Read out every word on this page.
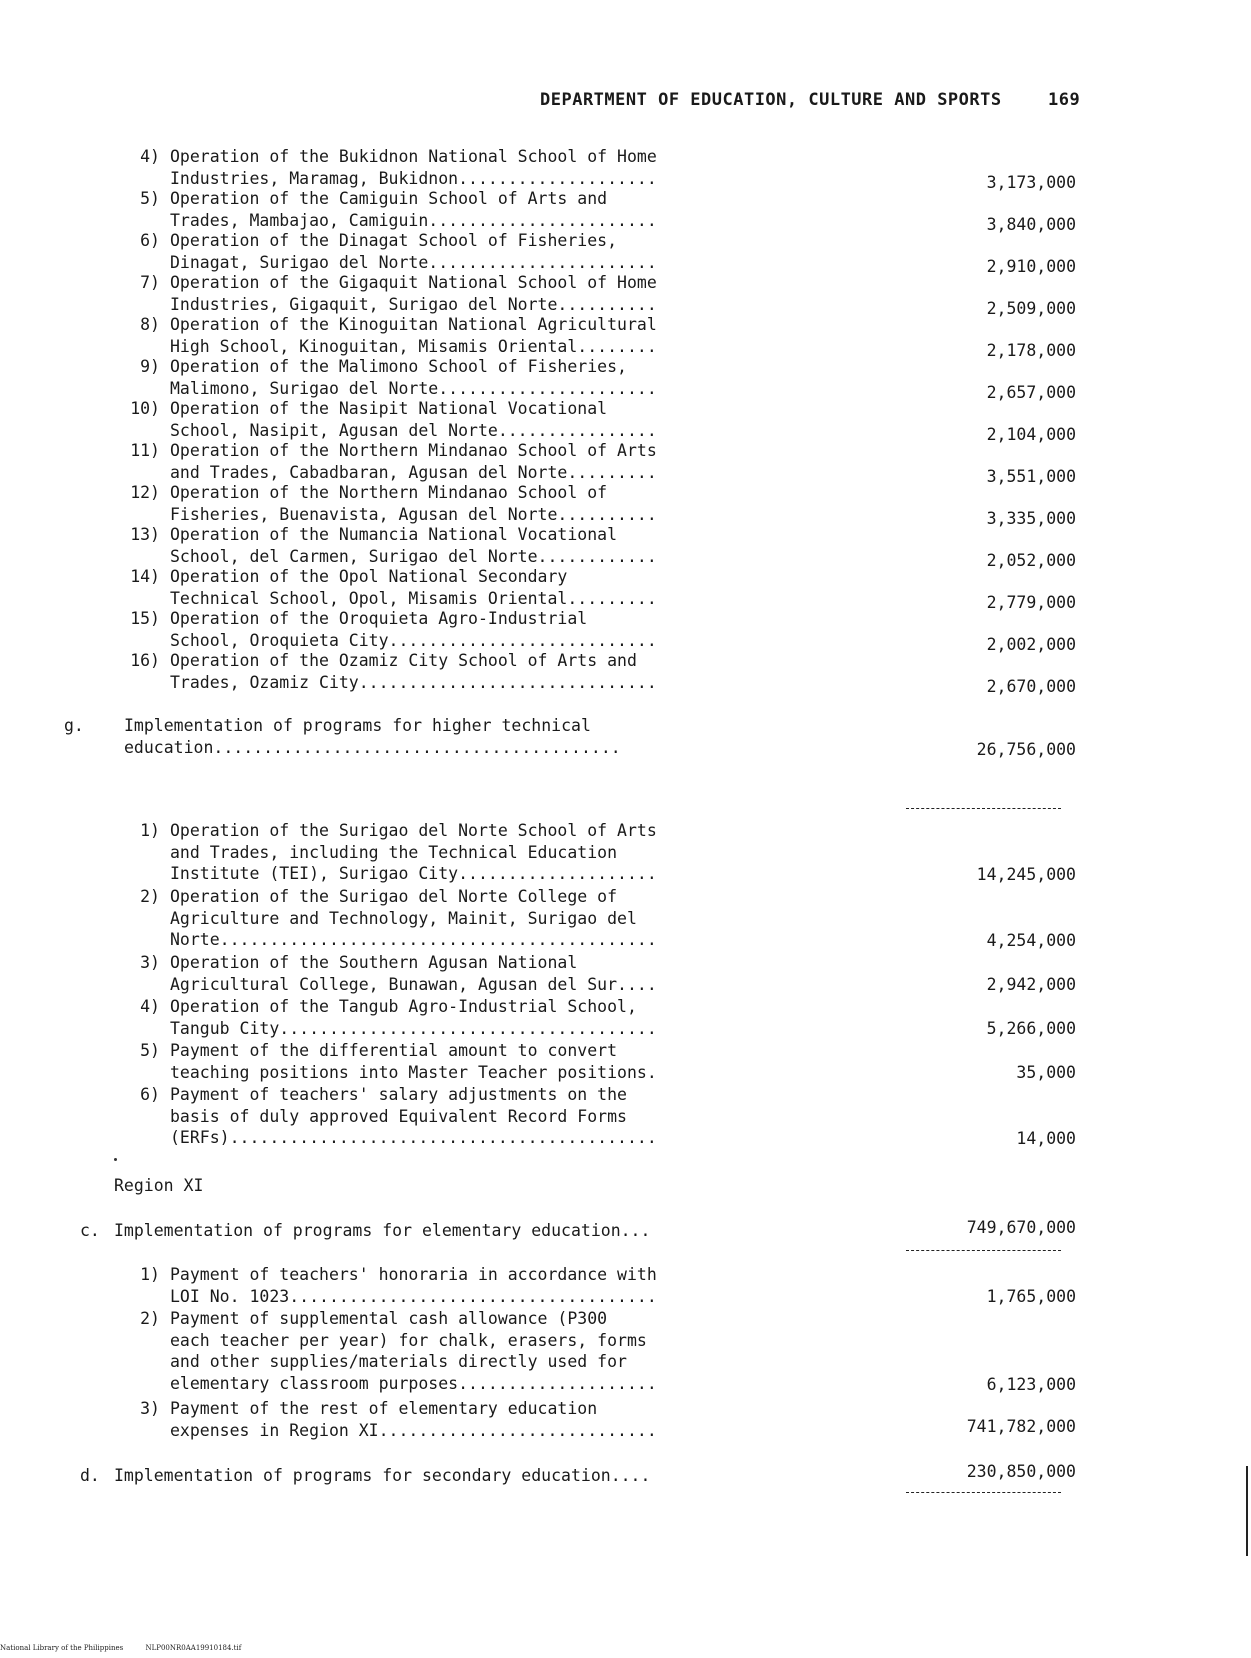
DEPARTMENT OF EDUCATION, CULTURE AND SPORTS	169
4) Operation of the Bukidnon National School of Home
Industries, Maramag, Bukidnon....................	3,173,000
5) Operation of the Camiguin School of Arts and
Trades, Mambajao, Camiguin.......................	3,840,000
6) Operation of the Dinagat School of Fisheries,
Dinagat, Surigao del Norte.......................	2,910,000
7) Operation of the Gigaquit National School of Home
Industries, Gigaquit, Surigao del Norte..........	2,509,000
8) Operation of the Kinoguitan National Agricultural
High School, Kinoguitan, Misamis Oriental........	2,178,000
9) Operation of the Malimono School of Fisheries,
Malimono, Surigao del Norte......................	2,657,000
10) Operation of the Nasipit National Vocational
School, Nasipit, Agusan del Norte................	2,104,000
11) Operation of the Northern Mindanao School of Arts
and Trades, Cabadbaran, Agusan del Norte.........	3,551,000
12) Operation of the Northern Mindanao School of
Fisheries, Buenavista, Agusan del Norte..........	3,335,000
13) Operation of the Numancia National Vocational
School, del Carmen, Surigao del Norte............	2,052,000
14) Operation of the Opol National Secondary
Technical School, Opol, Misamis Oriental.........	2,779,000
15) Operation of the Oroquieta Agro-Industrial
School, Oroquieta City...........................	2,002,000
16) Operation of the Ozamiz City School of Arts and
Trades, Ozamiz City..............................	2,670,000
g.	Implementation of programs for higher technical
education.........................................	26,756,000
1) Operation of the Surigao del Norte School of Arts
and Trades, including the Technical Education
Institute (TEI), Surigao City....................	14,245,000
2) Operation of the Surigao del Norte College of
Agriculture and Technology, Mainit, Surigao del
Norte............................................	4,254,000
3) Operation of the Southern Agusan National
Agricultural College, Bunawan, Agusan del Sur....	2,942,000
4) Operation of the Tangub Agro-Industrial School,
Tangub City......................................	5,266,000
5) Payment of the differential amount to convert
teaching positions into Master Teacher positions.	35,000
6) Payment of teachers' salary adjustments on the
basis of duly approved Equivalent Record Forms
(ERFs)...........................................	14,000
Region XI
c. Implementation of programs for elementary education...	749,670,000
1) Payment of teachers' honoraria in accordance with
LOI No. 1023.....................................	1,765,000
2) Payment of supplemental cash allowance (P300
each teacher per year) for chalk, erasers, forms
and other supplies/materials directly used for
elementary classroom purposes....................	6,123,000
3) Payment of the rest of elementary education
expenses in Region XI............................	741,782,000
d. Implementation of programs for secondary education....	230,850,000
National Library of the Philippines	NLP00NR0AA19910184.tif
